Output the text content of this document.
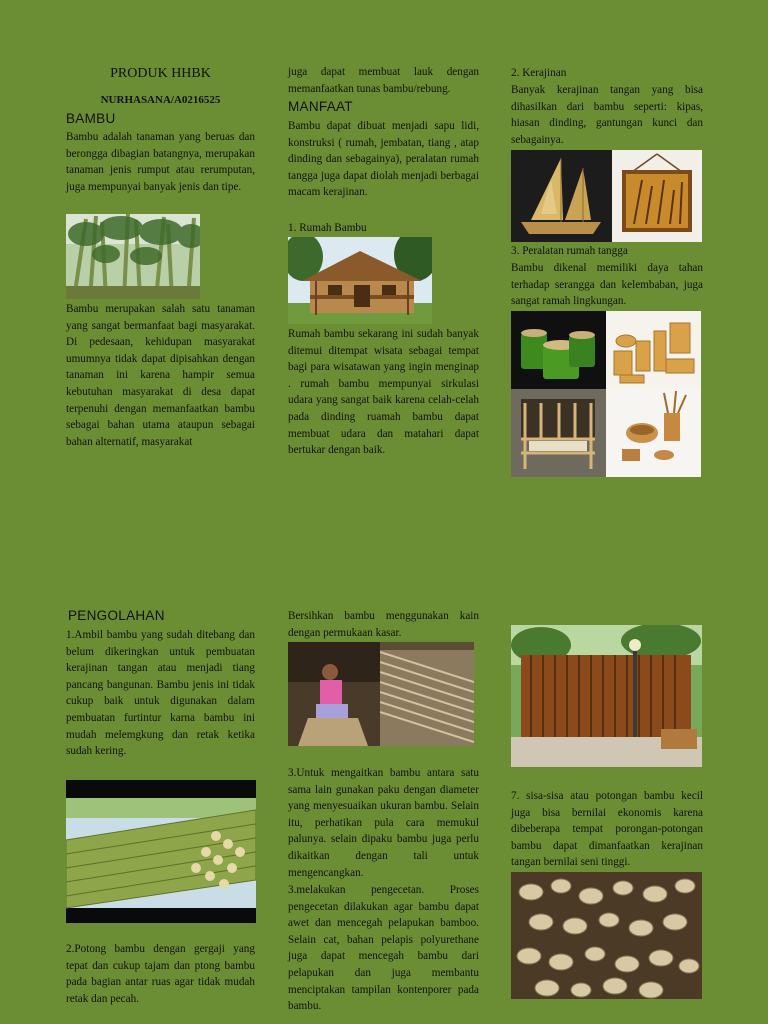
PRODUK HHBK
NURHASANA/A0216525
BAMBU

Bambu adalah tanaman yang beruas dan berongga dibagian batangnya, merupakan tanaman jenis rumput atau rerumputan, juga mempunyai banyak jenis dan tipe.

Bambu merupakan salah satu tanaman yang sangat bermanfaat bagi masyarakat. Di pedesaan, kehidupan masyarakat umumnya tidak dapat dipisahkan dengan tanaman ini karena hampir semua kebutuhan masyarakat di desa dapat terpenuhi dengan memanfaatkan bambu sebagai bahan utama ataupun sebagai bahan alternatif, masyarakat

juga dapat membuat lauk dengan memanfaatkan tunas bambu/rebung.

MANFAAT

Bambu dapat dibuat menjadi sapu lidi, konstruksi ( rumah, jembatan, tiang , atap dinding dan sebagainya), peralatan rumah tangga juga dapat diolah menjadi berbagai macam kerajinan.

1. Rumah Bambu

Rumah bambu sekarang ini sudah banyak ditemui ditempat wisata sebagai tempat bagi para wisatawan yang ingin menginap . rumah bambu mempunyai sirkulasi udara yang sangat baik karena celah-celah pada dinding ruamah bambu dapat membuat udara dan matahari dapat bertukar dengan baik.

2. Kerajinan

Banyak kerajinan tangan yang bisa dihasilkan dari bambu seperti: kipas, hiasan dinding, gantungan kunci dan sebagainya.

3. Peralatan rumah tangga

Bambu dikenal memiliki daya tahan terhadap serangga dan kelembaban, juga sangat ramah lingkungan.

PENGOLAHAN

1.Ambil bambu yang sudah ditebang dan belum dikeringkan untuk pembuatan kerajinan tangan atau menjadi tiang pancang bangunan. Bambu jenis ini tidak cukup baik untuk digunakan dalam pembuatan furtintur karna bambu ini mudah melemgkung dan retak ketika sudah kering.

2.Potong bambu dengan gergaji yang tepat dan cukup tajam dan ptong bambu pada bagian antar ruas agar tidak mudah retak dan pecah.

Bersihkan bambu menggunakan kain dengan permukaan kasar.

3.Untuk mengaitkan bambu antara satu sama lain gunakan paku dengan diameter yang menyesuaikan ukuran bambu. Selain itu, perhatikan pula cara memukul palunya. selain dipaku bambu juga perlu dikaitkan dengan tali untuk mengencangkan.

3.melakukan pengecetan. Proses pengecetan dilakukan agar bambu dapat awet dan mencegah pelapukan bamboo. Selain cat, bahan pelapis polyurethane juga dapat mencegah bambu dari pelapukan dan juga membantu menciptakan tampilan kontenporer pada bambu.

7. sisa-sisa atau potongan bambu kecil juga bisa bernilai ekonomis karena dibeberapa tempat porongan-potongan bambu dapat dimanfaatkan kerajinan tangan bernilai seni tinggi.
